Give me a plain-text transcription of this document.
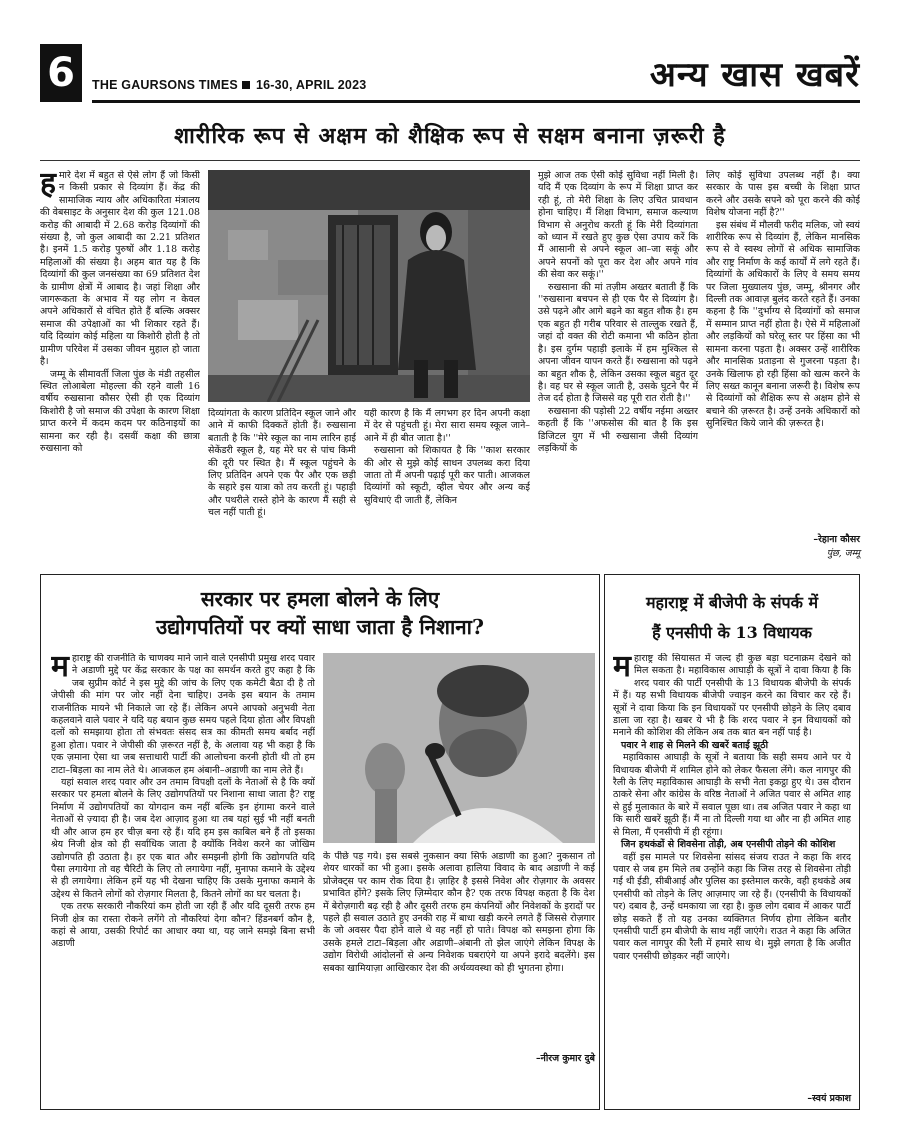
6	THE GAURSONS TIMES 16-30, APRIL 2023	अन्य खास खबरें
शारीरिक रूप से अक्षम को शैक्षिक रूप से सक्षम बनाना ज़रूरी है

हमारे देश में बहुत से ऐसे लोग हैं जो किसी न किसी प्रकार से दिव्यांग हैं। केंद्र की सामाजिक न्याय और अधिकारिता मंत्रालय की वेबसाइट के अनुसार देश की कुल 121.08 करोड़ की आबादी में 2.68 करोड़ दिव्यांगों की संख्या है, जो कुल आबादी का 2.21 प्रतिशत है। इनमें 1.5 करोड़ पुरुषों और 1.18 करोड़ महिलाओं की संख्या है। अहम बात यह है कि दिव्यांगों की कुल जनसंख्या का 69 प्रतिशत देश के ग्रामीण क्षेत्रों में आबाद है। जहां शिक्षा और जागरूकता के अभाव में यह लोग न केवल अपने अधिकारों से वंचित होते हैं बल्कि अक्सर समाज की उपेक्षाओं का भी शिकार रहते हैं। यदि दिव्यांग कोई महिला या किशोरी होती है तो ग्रामीण परिवेश में उसका जीवन मुहाल हो जाता है।

जम्मू के सीमावर्ती जिला पुंछ के मंडी तहसील स्थित लोआबेला मोहल्ला की रहने वाली 16 वर्षीय रुखसाना कौसर ऐसी ही एक दिव्यांग किशोरी है जो समाज की उपेक्षा के कारण शिक्षा प्राप्त करने में कदम कदम पर कठिनाइयों का सामना कर रही है। दसवीं कक्षा की छात्रा रुखसाना को

दिव्यांगता के कारण प्रतिदिन स्कूल जाने और आने में काफी दिक्कतें होती हैं। रुखसाना बताती है कि ''मेरे स्कूल का नाम लारिन हाई सेकेंडरी स्कूल है, यह मेरे घर से पांच किमी की दूरी पर स्थित है। मैं स्कूल पहुंचने के लिए प्रतिदिन अपने एक पैर और एक छड़ी के सहारे इस यात्रा को तय करती हूं। पहाड़ी और पथरीले रास्ते होने के कारण मैं सही से चल नहीं पाती हूं।

यही कारण है कि मैं लगभग हर दिन अपनी कक्षा में देर से पहुंचती हूं। मेरा सारा समय स्कूल जाने–आने में ही बीत जाता है।''

रुखसाना को शिकायत है कि ''काश सरकार की ओर से मुझे कोई साधन उपलब्ध करा दिया जाता तो मैं अपनी पढ़ाई पूरी कर पाती। आजकल दिव्यांगों को स्कूटी, व्हील चेयर और अन्य कई सुविधाएं दी जाती हैं, लेकिन

मुझे आज तक ऐसी कोई सुविधा नहीं मिली है। यदि मैं एक दिव्यांग के रूप में शिक्षा प्राप्त कर रही हूं, तो मेरी शिक्षा के लिए उचित प्रावधान होना चाहिए। मैं शिक्षा विभाग, समाज कल्याण विभाग से अनुरोध करती हूं कि मेरी दिव्यांगता को ध्यान में रखते हुए कुछ ऐसा उपाय करें कि मैं आसानी से अपने स्कूल आ–जा सकूं और अपने सपनों को पूरा कर देश और अपने गांव की सेवा कर सकूं।''

रुखसाना की मां तज़ीम अख्तर बताती हैं कि ''रुखसाना बचपन से ही एक पैर से दिव्यांग है। उसे पढ़ने और आगे बढ़ने का बहुत शौक है। हम एक बहुत ही गरीब परिवार से ताल्लुक रखते हैं, जहां दो वक्त की रोटी कमाना भी कठिन होता है। इस दुर्गम पहाड़ी इलाके में हम मुश्किल से अपना जीवन यापन करते हैं। रुखसाना को पढ़ने का बहुत शौक है, लेकिन उसका स्कूल बहुत दूर है। वह घर से स्कूल जाती है, उसके घुटने पैर में तेज दर्द होता है जिससे वह पूरी रात रोती है।''

रुखसाना की पड़ोसी 22 वर्षीय नईमा अख्तर कहती हैं कि ''अफसोस की बात है कि इस डिजिटल युग में भी रुखसाना जैसी दिव्यांग लड़कियों के

लिए कोई सुविधा उपलब्ध नहीं है। क्या सरकार के पास इस बच्ची के शिक्षा प्राप्त करने और उसके सपने को पूरा करने की कोई विशेष योजना नहीं है?''

इस संबंध में मौलवी फरीद मलिक, जो स्वयं शारीरिक रूप से दिव्यांग हैं, लेकिन मानसिक रूप से वे स्वस्थ लोगों से अधिक सामाजिक और राष्ट्र निर्माण के कई कार्यों में लगे रहते हैं। दिव्यांगों के अधिकारों के लिए वे समय समय पर जिला मुख्यालय पुंछ, जम्मू, श्रीनगर और दिल्ली तक आवाज़ बुलंद करते रहते हैं। उनका कहना है कि ''दुर्भाग्य से दिव्यांगों को समाज में सम्मान प्राप्त नहीं होता है। ऐसे में महिलाओं और लड़कियों को घरेलू स्तर पर हिंसा का भी सामना करना पड़ता है। अक्सर उन्हें शारीरिक और मानसिक प्रताड़ना से गुजरना पड़ता है। उनके खिलाफ हो रही हिंसा को खत्म करने के लिए सख्त कानून बनाना जरूरी है। विशेष रूप से दिव्यांगों को शैक्षिक रूप से अक्षम होने से बचाने की ज़रूरत है। उन्हें उनके अधिकारों को सुनिश्चित किये जाने की ज़रूरत है।

–रेहाना कौसर
पुंछ, जम्मू
सरकार पर हमला बोलने के लिए
उद्योगपतियों पर क्यों साधा जाता है निशाना?

महाराष्ट्र की राजनीति के चाणक्य माने जाने वाले एनसीपी प्रमुख शरद पवार ने अडाणी मुद्दे पर केंद्र सरकार के पक्ष का समर्थन करते हुए कहा है कि जब सुप्रीम कोर्ट ने इस मुद्दे की जांच के लिए एक कमेटी बैठा दी है तो जेपीसी की मांग पर जोर नहीं देना चाहिए। उनके इस बयान के तमाम राजनीतिक मायने भी निकाले जा रहे हैं। लेकिन अपने आपको अनुभवी नेता कहलवाने वाले पवार ने यदि यह बयान कुछ समय पहले दिया होता और विपक्षी दलों को समझाया होता तो संभवतः संसद सत्र का कीमती समय बर्बाद नहीं हुआ होता। पवार ने जेपीसी की ज़रूरत नहीं है, के अलावा यह भी कहा है कि एक ज़माना ऐसा था जब सत्ताधारी पार्टी की आलोचना करनी होती थी तो हम टाटा–बिड़ला का नाम लेते थे। आजकल हम अंबानी–अडाणी का नाम लेते हैं।

यहां सवाल शरद पवार और उन तमाम विपक्षी दलों के नेताओं से है कि क्यों सरकार पर हमला बोलने के लिए उद्योगपतियों पर निशाना साधा जाता है? राष्ट्र निर्माण में उद्योगपतियों का योगदान कम नहीं बल्कि इन हंगामा करने वाले नेताओं से ज़्यादा ही है। जब देश आज़ाद हुआ था तब यहां सुई भी नहीं बनती थी और आज हम हर चीज़ बना रहे हैं। यदि हम इस काबिल बने हैं तो इसका श्रेय निजी क्षेत्र को ही सर्वाधिक जाता है क्योंकि निवेश करने का जोखिम उद्योगपति ही उठाता है। हर एक बात और समझनी होगी कि उद्योगपति यदि पैसा लगायेगा तो वह चैरिटी के लिए तो लगायेगा नहीं, मुनाफा कमाने के उद्देश्य से ही लगायेगा। लेकिन हमें यह भी देखना चाहिए कि उसके मुनाफा कमाने के उद्देश्य से कितने लोगों को रोज़गार मिलता है, कितने लोगों का घर चलता है।

एक तरफ सरकारी नौकरियां कम होती जा रही हैं और यदि दूसरी तरफ हम निजी क्षेत्र का रास्ता रोकने लगेंगे तो नौकरियां देगा कौन? हिंडनबर्ग कौन है, कहां से आया, उसकी रिपोर्ट का आधार क्या था, यह जाने समझे बिना सभी अडाणी

के पीछे पड़ गये। इस सबसे नुकसान क्या सिर्फ अडाणी का हुआ? नुकसान तो शेयर धारकों का भी हुआ। इसके अलावा हालिया विवाद के बाद अडाणी ने कई प्रोजेक्ट्स पर काम रोक दिया है। ज़ाहिर है इससे निवेश और रोज़गार के अवसर प्रभावित होंगे? इसके लिए ज़िम्मेदार कौन है? एक तरफ विपक्ष कहता है कि देश में बेरोज़गारी बढ़ रही है और दूसरी तरफ हम कंपनियों और निवेशकों के इरादों पर पहले ही सवाल उठाते हुए उनकी राह में बाधा खड़ी करने लगते हैं जिससे रोज़गार के जो अवसर पैदा होने वाले थे वह नहीं हो पाते। विपक्ष को समझना होगा कि उसके हमले टाटा–बिड़ला और अडाणी–अंबानी तो झेल जाएंगे लेकिन विपक्ष के उद्योग विरोधी आंदोलनों से अन्य निवेशक घबराएंगे या अपने इरादे बदलेंगे। इस सबका खामियाज़ा आखिरकार देश की अर्थव्यवस्था को ही भुगतना होगा।

–नीरज कुमार दुबे
महाराष्ट्र में बीजेपी के संपर्क में
हैं एनसीपी के 13 विधायक

महाराष्ट्र की सियासत में जल्द ही कुछ बड़ा घटनाक्रम देखने को मिल सकता है। महाविकास आघाड़ी के सूत्रों ने दावा किया है कि शरद पवार की पार्टी एनसीपी के 13 विधायक बीजेपी के संपर्क में हैं। यह सभी विधायक बीजेपी ज्वाइन करने का विचार कर रहे हैं। सूत्रों ने दावा किया कि इन विधायकों पर एनसीपी छोड़ने के लिए दबाव डाला जा रहा है। खबर ये भी है कि शरद पवार ने इन विधायकों को मनाने की कोशिश की लेकिन अब तक बात बन नहीं पाई है।

पवार ने शाह से मिलने की खबरें बताई झूठी

महाविकास आघाड़ी के सूत्रों ने बताया कि सही समय आने पर ये विधायक बीजेपी में शामिल होने को लेकर फैसला लेंगे। कल नागपुर की रैली के लिए महाविकास आघाड़ी के सभी नेता इकट्ठा हुए थे। उस दौरान ठाकरे सेना और कांग्रेस के वरिष्ठ नेताओं ने अजित पवार से अमित शाह से हुई मुलाकात के बारे में सवाल पूछा था। तब अजित पवार ने कहा था कि सारी खबरें झूठी हैं। मैं ना तो दिल्ली गया था और ना ही अमित शाह से मिला, मैं एनसीपी में ही रहूंगा।

जिन हथकंडों से शिवसेना तोड़ी, अब एनसीपी तोड़ने की कोशिश

वहीं इस मामले पर शिवसेना सांसद संजय राउत ने कहा कि शरद पवार से जब हम मिले तब उन्होंने कहा कि जिस तरह से शिवसेना तोड़ी गई थी ईडी, सीबीआई और पुलिस का इस्तेमाल करके, वही हथकंडे अब एनसीपी को तोड़ने के लिए आज़माए जा रहे हैं। (एनसीपी के विधायकों पर) दबाव है, उन्हें धमकाया जा रहा है। कुछ लोग दबाव में आकर पार्टी छोड़ सकते हैं तो यह उनका व्यक्तिगत निर्णय होगा लेकिन बतौर एनसीपी पार्टी हम बीजेपी के साथ नहीं जाएंगे। राउत ने कहा कि अजित पवार कल नागपुर की रैली में हमारे साथ थे। मुझे लगता है कि अजीत पवार एनसीपी छोड़कर नहीं जाएंगे।

–स्वयं प्रकाश
